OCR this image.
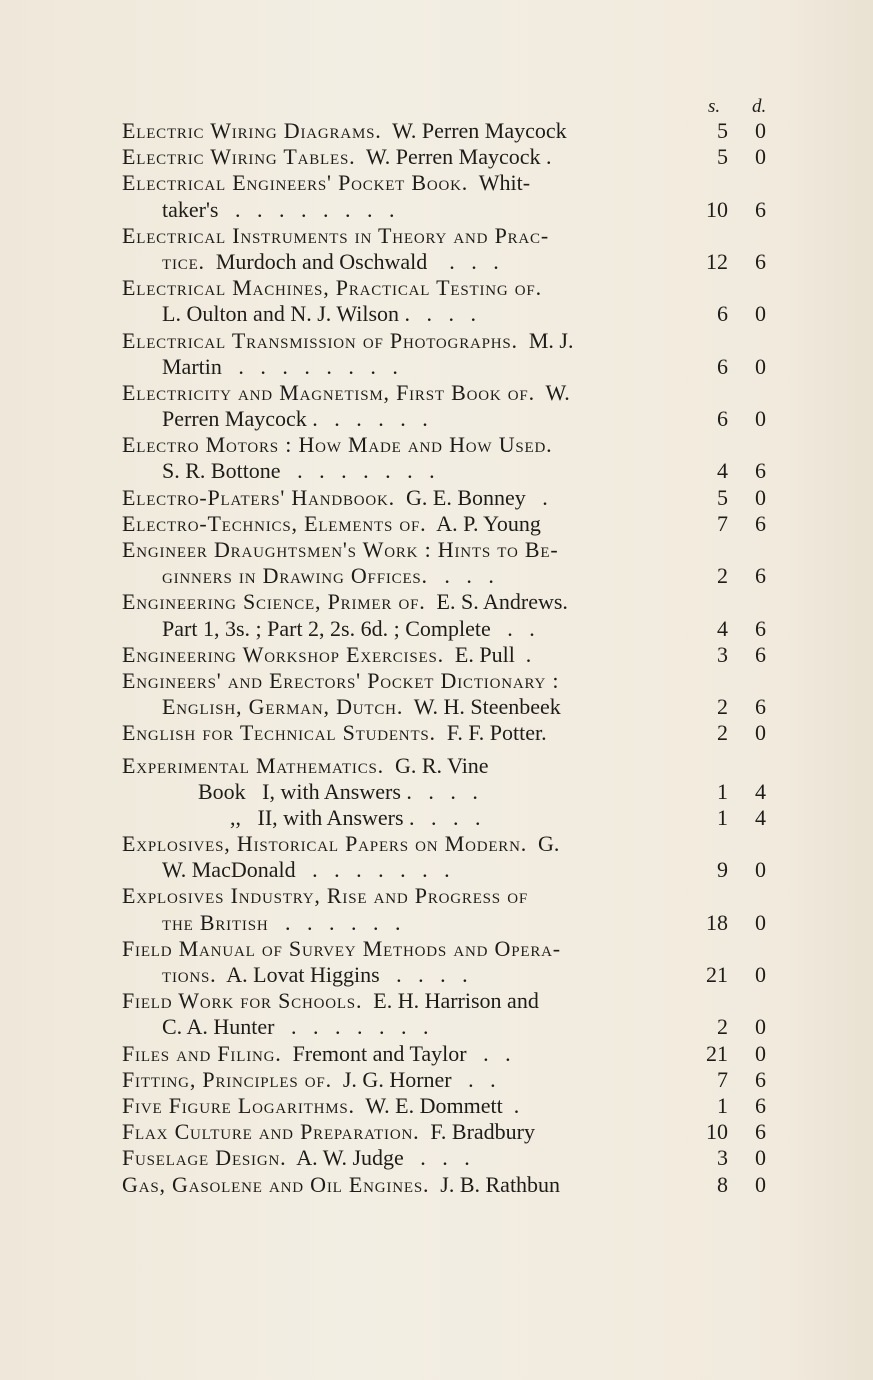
s. d.
Electric Wiring Diagrams.  W. Perren Maycock	5	0
Electric Wiring Tables.  W. Perren Maycock .	5	0
Electrical Engineers' Pocket Book.  Whit-
taker's   .   .   .   .   .   .   .   .	10	6
Electrical Instruments in Theory and Prac-
tice.  Murdoch and Oschwald    .   .   .	12	6
Electrical Machines, Practical Testing of.
L. Oulton and N. J. Wilson .   .   .   .	6	0
Electrical Transmission of Photographs.  M. J.
Martin   .   .   .   .   .   .   .   .	6	0
Electricity and Magnetism, First Book of.  W.
Perren Maycock .   .   .   .   .   .	6	0
Electro Motors : How Made and How Used.
S. R. Bottone   .   .   .   .   .   .   .	4	6
Electro-Platers' Handbook.  G. E. Bonney   .	5	0
Electro-Technics, Elements of.  A. P. Young	7	6
Engineer Draughtsmen's Work : Hints to Be-
ginners in Drawing Offices.   .   .   .	2	6
Engineering Science, Primer of.  E. S. Andrews.
Part 1, 3s. ; Part 2, 2s. 6d. ; Complete   .   .	4	6
Engineering Workshop Exercises.  E. Pull  .	3	6
Engineers' and Erectors' Pocket Dictionary :
English, German, Dutch.  W. H. Steenbeek	2	6
English for Technical Students.  F. F. Potter.	2	0
Experimental Mathematics.  G. R. Vine
Book   I, with Answers .   .   .   .	1	4
,,   II, with Answers .   .   .   .	1	4
Explosives, Historical Papers on Modern.  G.
W. MacDonald   .   .   .   .   .   .   .	9	0
Explosives Industry, Rise and Progress of
the British   .   .   .   .   .   .	18	0
Field Manual of Survey Methods and Opera-
tions.  A. Lovat Higgins   .   .   .   .	21	0
Field Work for Schools.  E. H. Harrison and
C. A. Hunter   .   .   .   .   .   .   .	2	0
Files and Filing.  Fremont and Taylor   .   .	21	0
Fitting, Principles of.  J. G. Horner   .   .	7	6
Five Figure Logarithms.  W. E. Dommett  .	1	6
Flax Culture and Preparation.  F. Bradbury	10	6
Fuselage Design.  A. W. Judge   .   .   .	3	0
Gas, Gasolene and Oil Engines.  J. B. Rathbun	8	0
